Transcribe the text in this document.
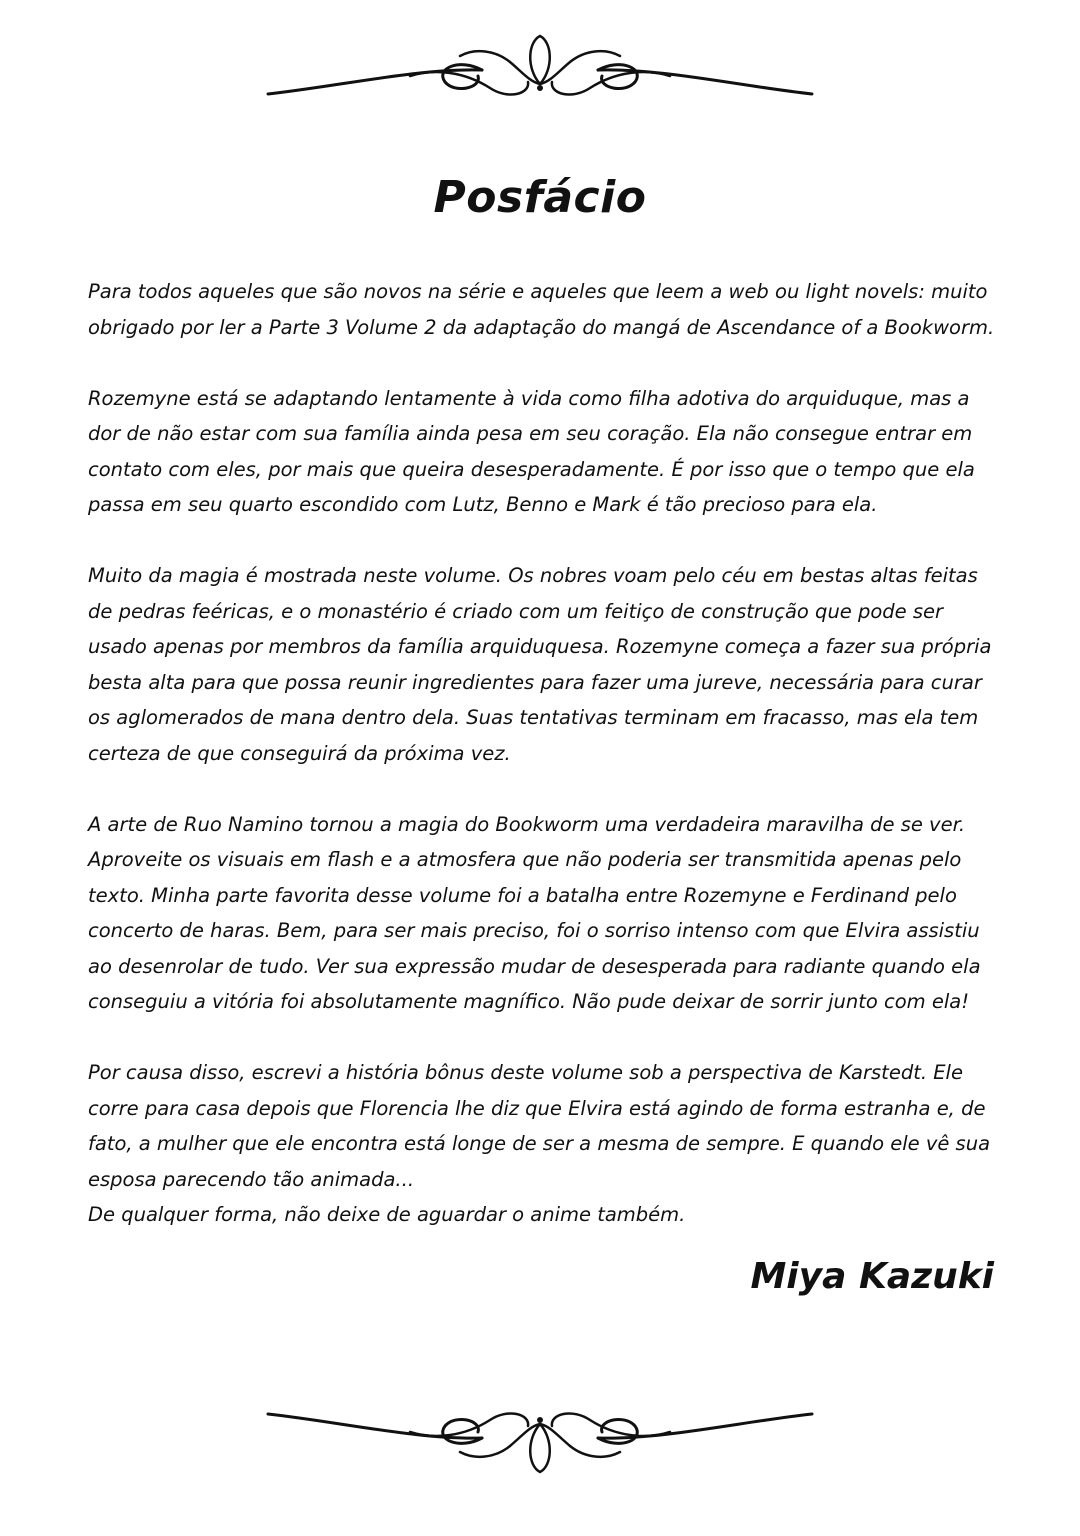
Posfácio

Para todos aqueles que são novos na série e aqueles que leem a web ou light novels: muito obrigado por ler a Parte 3 Volume 2 da adaptação do mangá de Ascendance of a Bookworm.

Rozemyne está se adaptando lentamente à vida como filha adotiva do arquiduque, mas a dor de não estar com sua família ainda pesa em seu coração. Ela não consegue entrar em contato com eles, por mais que queira desesperadamente. É por isso que o tempo que ela passa em seu quarto escondido com Lutz, Benno e Mark é tão precioso para ela.

Muito da magia é mostrada neste volume. Os nobres voam pelo céu em bestas altas feitas de pedras feéricas, e o monastério é criado com um feitiço de construção que pode ser usado apenas por membros da família arquiduquesa. Rozemyne começa a fazer sua própria besta alta para que possa reunir ingredientes para fazer uma jureve, necessária para curar os aglomerados de mana dentro dela. Suas tentativas terminam em fracasso, mas ela tem certeza de que conseguirá da próxima vez.

A arte de Ruo Namino tornou a magia do Bookworm uma verdadeira maravilha de se ver. Aproveite os visuais em flash e a atmosfera que não poderia ser transmitida apenas pelo texto. Minha parte favorita desse volume foi a batalha entre Rozemyne e Ferdinand pelo concerto de haras. Bem, para ser mais preciso, foi o sorriso intenso com que Elvira assistiu ao desenrolar de tudo. Ver sua expressão mudar de desesperada para radiante quando ela conseguiu a vitória foi absolutamente magnífico. Não pude deixar de sorrir junto com ela!

Por causa disso, escrevi a história bônus deste volume sob a perspectiva de Karstedt. Ele corre para casa depois que Florencia lhe diz que Elvira está agindo de forma estranha e, de fato, a mulher que ele encontra está longe de ser a mesma de sempre. E quando ele vê sua esposa parecendo tão animada...

De qualquer forma, não deixe de aguardar o anime também.

Miya Kazuki
